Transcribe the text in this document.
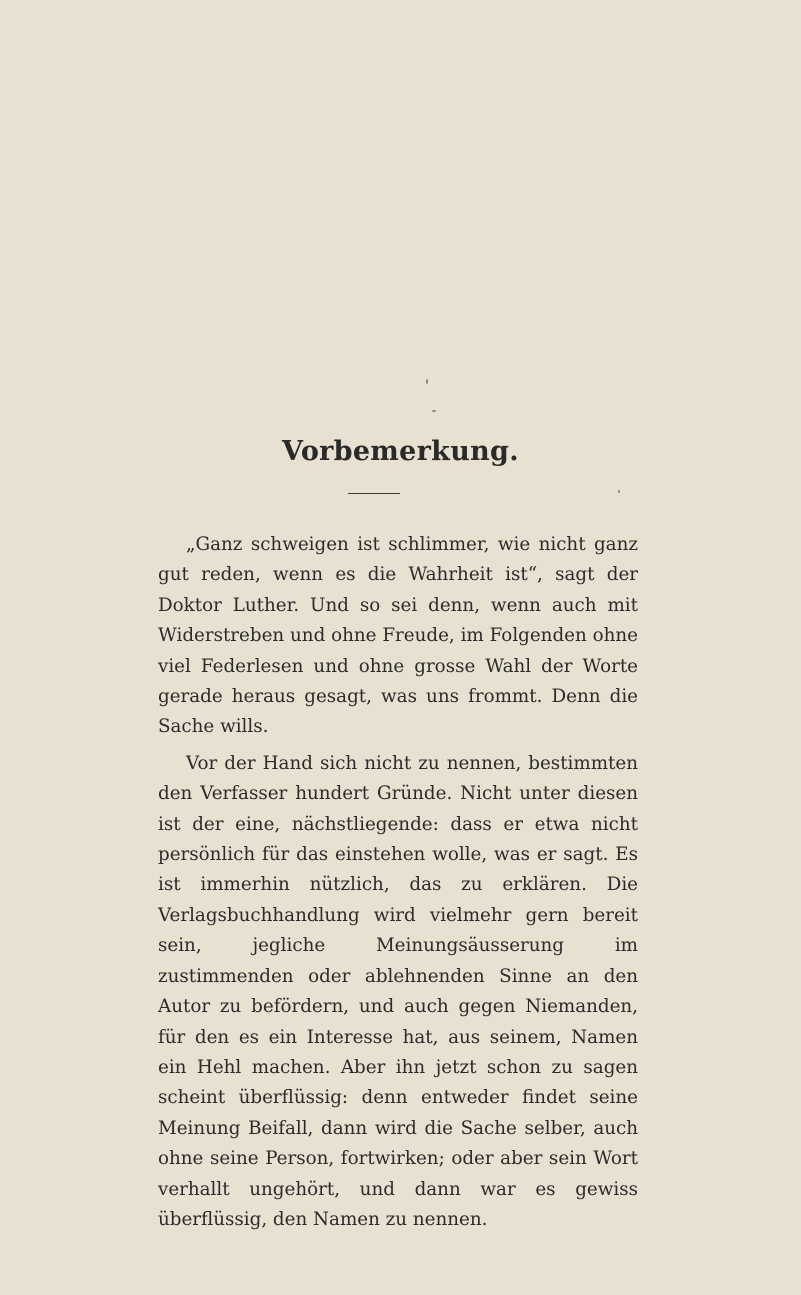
Vorbemerkung.

„Ganz schweigen ist schlimmer, wie nicht ganz gut reden, wenn es die Wahrheit ist“, sagt der Doktor Luther. Und so sei denn, wenn auch mit Widerstreben und ohne Freude, im Folgenden ohne viel Federlesen und ohne grosse Wahl der Worte gerade heraus gesagt, was uns frommt. Denn die Sache wills.

Vor der Hand sich nicht zu nennen, bestimmten den Verfasser hundert Gründe. Nicht unter diesen ist der eine, nächstliegende: dass er etwa nicht persönlich für das einstehen wolle, was er sagt. Es ist immerhin nützlich, das zu erklären. Die Verlagsbuchhandlung wird vielmehr gern bereit sein, jegliche Meinungsäusserung im zustimmenden oder ablehnenden Sinne an den Autor zu befördern, und auch gegen Niemanden, für den es ein Interesse hat, aus seinem, Namen ein Hehl machen. Aber ihn jetzt schon zu sagen scheint überflüssig: denn entweder findet seine Meinung Beifall, dann wird die Sache selber, auch ohne seine Person, fortwirken; oder aber sein Wort verhallt ungehört, und dann war es gewiss überflüssig, den Namen zu nennen.
